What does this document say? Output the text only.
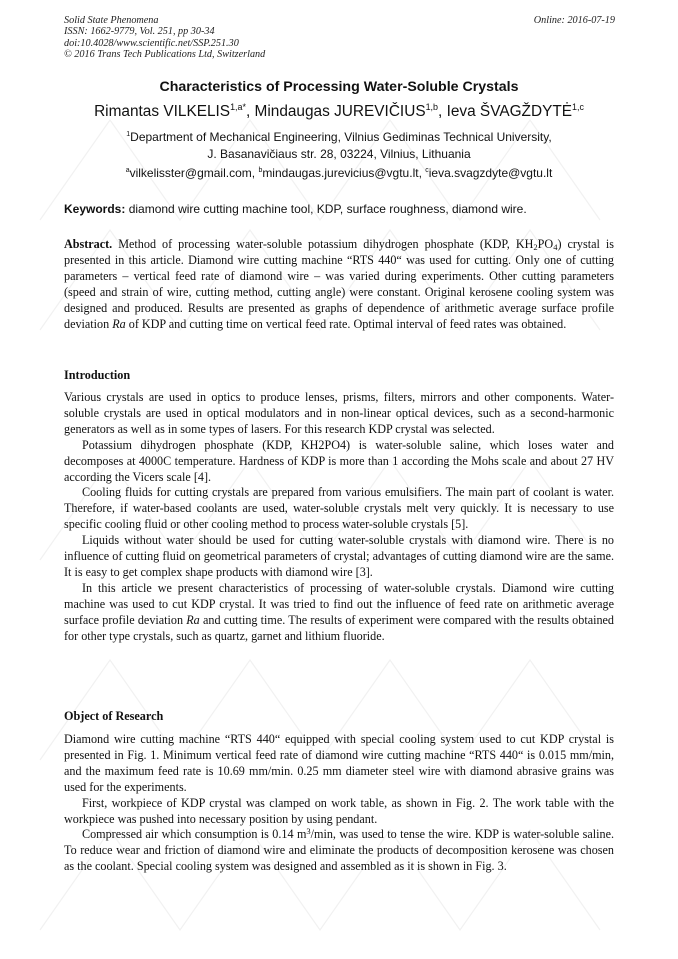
Solid State Phenomena
ISSN: 1662-9779, Vol. 251, pp 30-34
doi:10.4028/www.scientific.net/SSP.251.30
© 2016 Trans Tech Publications Ltd, Switzerland
Online: 2016-07-19
Characteristics of Processing Water-Soluble Crystals
Rimantas $VILKELIS^{1,a*}$, Mindaugas JUREVIČIUS$^{1,b}$, Ieva ŠVAGŽDYTĖ$^{1,c}$
$^1$Department of Mechanical Engineering, Vilnius Gediminas Technical University,
J. Basanavičiaus str. 28, 03224, Vilnius, Lithuania
$^a$vilkelisster@gmail.com, $^b$mindaugas.jurevicius@vgtu.lt, $^c$ieva.svagzdyte@vgtu.lt
Keywords: diamond wire cutting machine tool, KDP, surface roughness, diamond wire.

Abstract. Method of processing water-soluble potassium dihydrogen phosphate (KDP, $KH_2PO_4$) crystal is presented in this article. Diamond wire cutting machine “RTS 440“ was used for cutting. Only one of cutting parameters – vertical feed rate of diamond wire – was varied during experiments. Other cutting parameters (speed and strain of wire, cutting method, cutting angle) were constant. Original kerosene cooling system was designed and produced. Results are presented as graphs of dependence of arithmetic average surface profile deviation Ra of KDP and cutting time on vertical feed rate. Optimal interval of feed rates was obtained.

Introduction

Various crystals are used in optics to produce lenses, prisms, filters, mirrors and other components. Water-soluble crystals are used in optical modulators and in non-linear optical devices, such as a second-harmonic generators as well as in some types of lasers. For this research KDP crystal was selected.

Potassium dihydrogen phosphate (KDP, KH2PO4) is water-soluble saline, which loses water and decomposes at 4000C temperature. Hardness of KDP is more than 1 according the Mohs scale and about 27 HV according the Vicers scale [4].

Cooling fluids for cutting crystals are prepared from various emulsifiers. The main part of coolant is water. Therefore, if water-based coolants are used, water-soluble crystals melt very quickly. It is necessary to use specific cooling fluid or other cooling method to process water-soluble crystals [5].

Liquids without water should be used for cutting water-soluble crystals with diamond wire. There is no influence of cutting fluid on geometrical parameters of crystal; advantages of cutting diamond wire are the same. It is easy to get complex shape products with diamond wire [3].

In this article we present characteristics of processing of water-soluble crystals. Diamond wire cutting machine was used to cut KDP crystal. It was tried to find out the influence of feed rate on arithmetic average surface profile deviation Ra and cutting time. The results of experiment were compared with the results obtained for other type crystals, such as quartz, garnet and lithium fluoride.

Object of Research

Diamond wire cutting machine “RTS 440“ equipped with special cooling system used to cut KDP crystal is presented in Fig. 1. Minimum vertical feed rate of diamond wire cutting machine “RTS 440“ is 0.015 mm/min, and the maximum feed rate is 10.69 mm/min. 0.25 mm diameter steel wire with diamond abrasive grains was used for the experiments.

First, workpiece of KDP crystal was clamped on work table, as shown in Fig. 2. The work table with the workpiece was pushed into necessary position by using pendant.

Compressed air which consumption is 0.14 $m^3/\min$, was used to tense the wire. KDP is water-soluble saline. To reduce wear and friction of diamond wire and eliminate the products of decomposition kerosene was chosen as the coolant. Special cooling system was designed and assembled as it is shown in Fig. 3.
